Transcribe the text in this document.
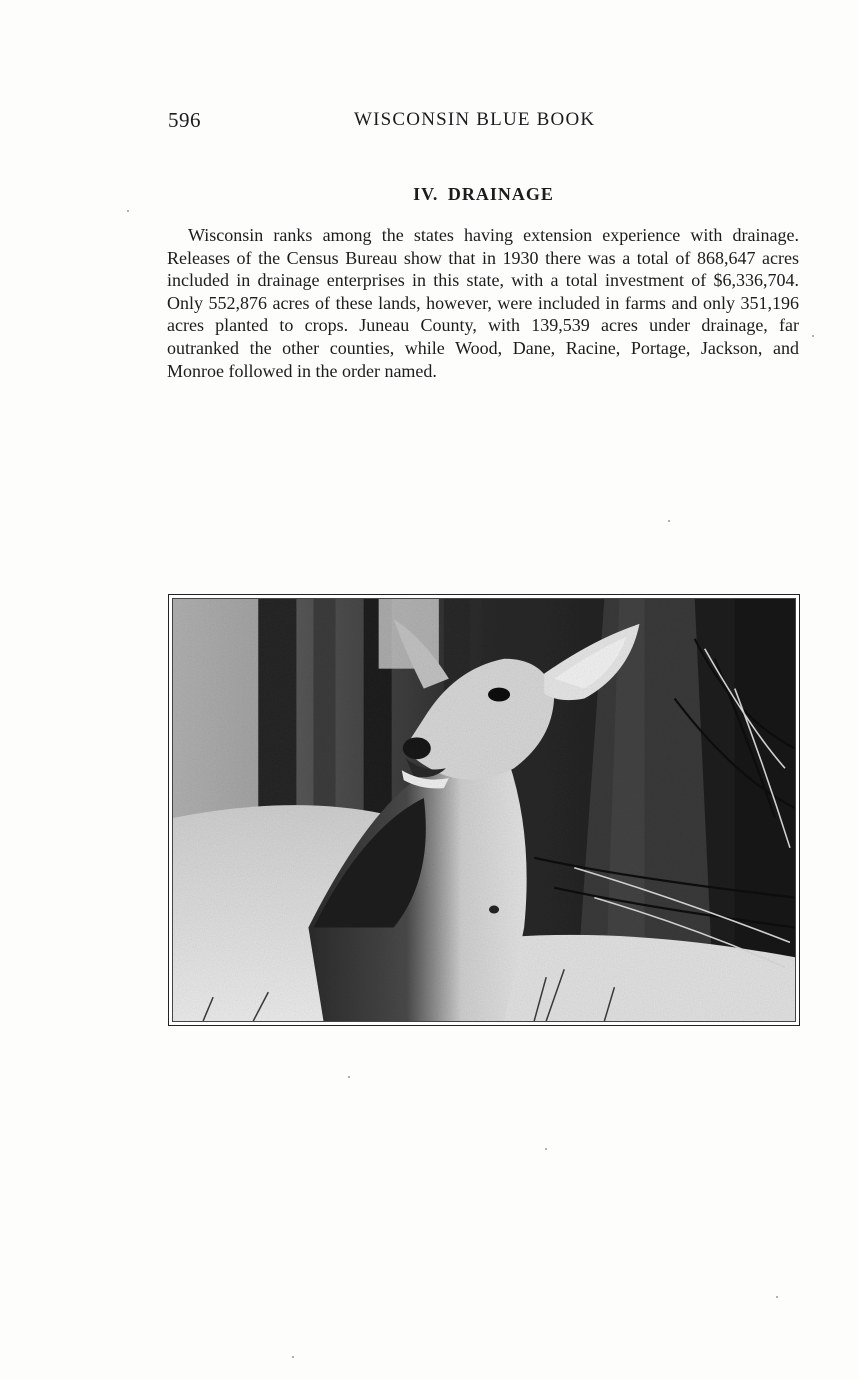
596	WISCONSIN BLUE BOOK
IV. DRAINAGE

Wisconsin ranks among the states having extension experience with drainage. Releases of the Census Bureau show that in 1930 there was a total of 868,647 acres included in drainage enterprises in this state, with a total investment of $6,336,704. Only 552,876 acres of these lands, however, were included in farms and only 351,196 acres planted to crops. Juneau County, with 139,539 acres under drainage, far outranked the other counties, while Wood, Dane, Racine, Portage, Jackson, and Monroe followed in the order named.
